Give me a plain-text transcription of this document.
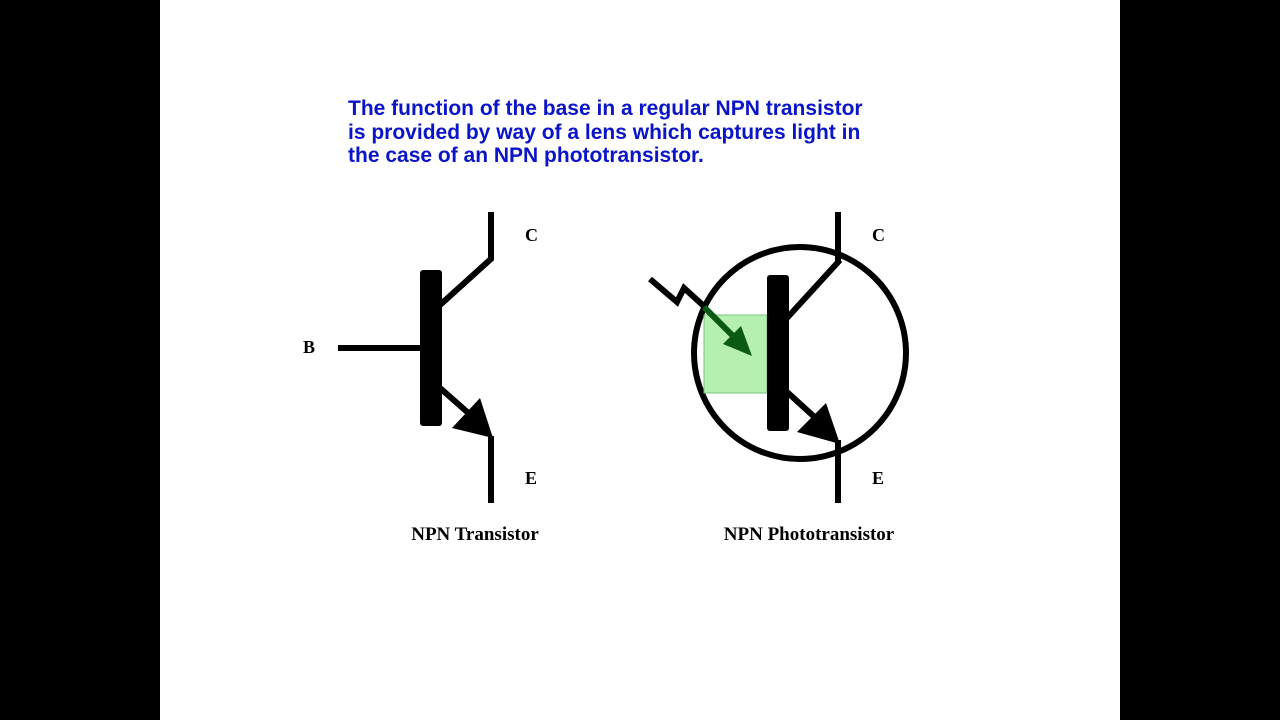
The function of the base in a regular NPN transistor
is provided by way of a lens which captures light in
the case of an NPN phototransistor.

C
B
E
NPN Transistor
C
E
NPN Phototransistor
